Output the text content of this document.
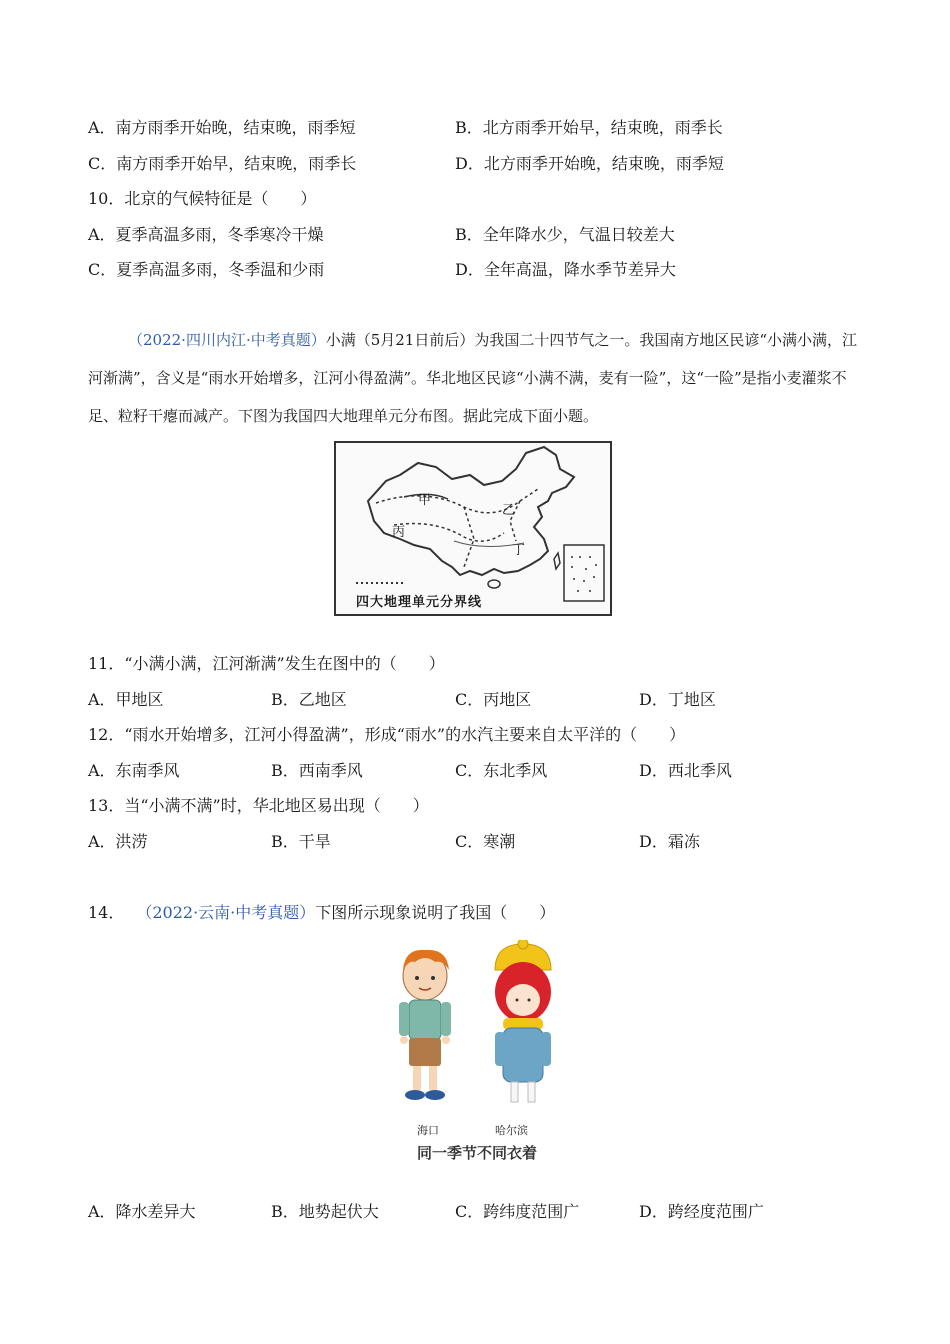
A．南方雨季开始晚，结束晚，雨季短	B．北方雨季开始早，结束晚，雨季长
C．南方雨季开始早，结束晚，雨季长	D．北方雨季开始晚，结束晚，雨季短
10．北京的气候特征是（　　）
A．夏季高温多雨，冬季寒冷干燥	B．全年降水少，气温日较差大
C．夏季高温多雨，冬季温和少雨	D．全年高温，降水季节差异大
（2022·四川内江·中考真题）小满（5月21日前后）为我国二十四节气之一。我国南方地区民谚“小满小满，江河渐满”，含义是“雨水开始增多，江河小得盈满”。华北地区民谚“小满不满，麦有一险”，这“一险”是指小麦灌浆不足、粒籽干瘪而减产。下图为我国四大地理单元分布图。据此完成下面小题。
甲
乙
丙
丁
四大地理单元分界线
11．“小满小满，江河渐满”发生在图中的（　　）
A．甲地区	B．乙地区	C．丙地区	D．丁地区
12．“雨水开始增多，江河小得盈满”，形成“雨水”的水汽主要来自太平洋的（　　）
A．东南季风	B．西南季风	C．东北季风	D．西北季风
13．当“小满不满”时，华北地区易出现（　　）
A．洪涝	B．干旱	C．寒潮	D．霜冻
14． （2022·云南·中考真题）下图所示现象说明了我国（　　）
海口	哈尔滨
同一季节不同衣着
A．降水差异大	B．地势起伏大	C．跨纬度范围广	D．跨经度范围广
